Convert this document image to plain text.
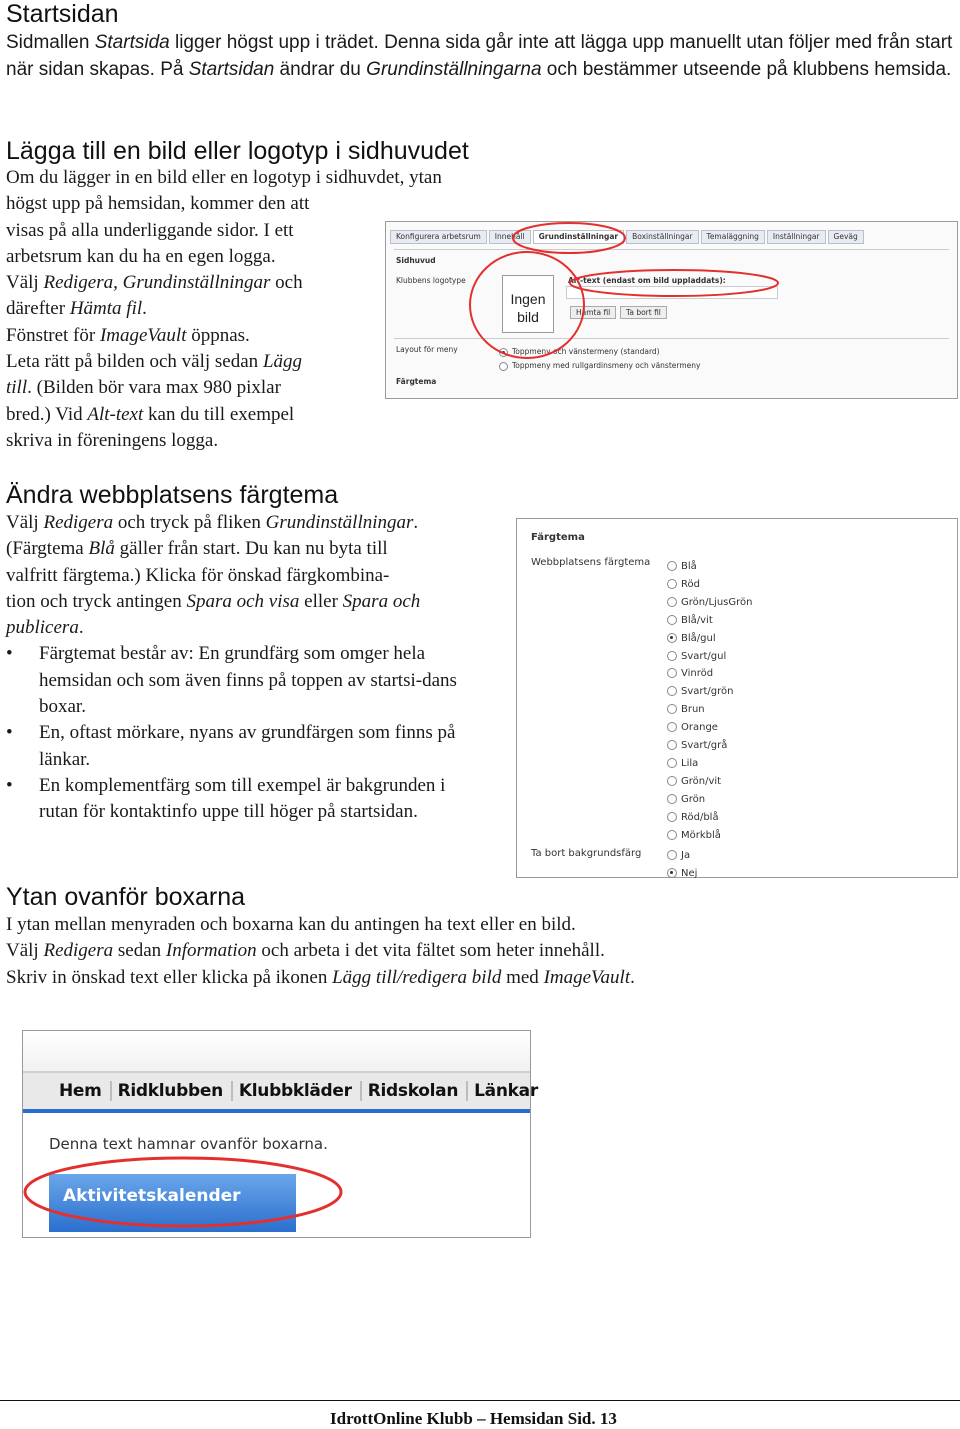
Startsidan

Sidmallen Startsida ligger högst upp i trädet. Denna sida går inte att lägga upp manuellt utan följer med från start när sidan skapas. På Startsidan ändrar du Grundinställningarna och bestämmer utseende på klubbens hemsida.

Lägga till en bild eller logotyp i sidhuvudet
Om du lägger in en bild eller en logotyp i sidhuvdet, ytan
högst upp på hemsidan, kommer den att
visas på alla underliggande sidor. I ett
arbetsrum kan du ha en egen logga.
Välj Redigera, Grundinställningar och
därefter Hämta fil.
Fönstret för ImageVault öppnas.
Leta rätt på bilden och välj sedan Lägg
till. (Bilden bör vara max 980 pixlar
bred.) Vid Alt-text kan du till exempel
skriva in föreningens logga.
Konfigurera arbetsrum	Innehåll	Grundinställningar	Boxinställningar	Temaläggning	Inställningar	Geväg
Sidhuvud
Klubbens logotype
Ingen bild
Alt-text (endast om bild uppladdats):
Hämta fil	Ta bort fil
Layout för meny	Toppmeny och vänstermeny (standard)
Toppmeny med rullgardinsmeny och vänstermeny
Färgtema
Ändra webbplatsens färgtema
Välj Redigera och tryck på fliken Grundinställningar.
(Färgtema Blå gäller från start. Du kan nu byta till
valfritt färgtema.) Klicka för önskad färgkombina-
tion och tryck antingen Spara och visa eller Spara och
publicera.
• Färgtemat består av: En grundfärg som omger hela hemsidan och som även finns på toppen av startsi-dans boxar.
• En, oftast mörkare, nyans av grundfärgen som finns på länkar.
• En komplementfärg som till exempel är bakgrunden i rutan för kontaktinfo uppe till höger på startsidan.
Färgtema
Webbplatsens färgtema	Blå
Röd
Grön/LjusGrön
Blå/vit
Blå/gul
Svart/gul
Vinröd
Svart/grön
Brun
Orange
Svart/grå
Lila
Grön/vit
Grön
Röd/blå
Mörkblå
Ta bort bakgrundsfärg	Ja
Nej
Ytan ovanför boxarna
I ytan mellan menyraden och boxarna kan du antingen ha text eller en bild.
Välj Redigera sedan Information och arbeta i det vita fältet som heter innehåll.
Skriv in önskad text eller klicka på ikonen Lägg till/redigera bild med ImageVault.
Hem Ridklubben Klubbkläder Ridskolan Länkar
Denna text hamnar ovanför boxarna.
Aktivitetskalender
IdrottOnline Klubb – Hemsidan Sid. 13
